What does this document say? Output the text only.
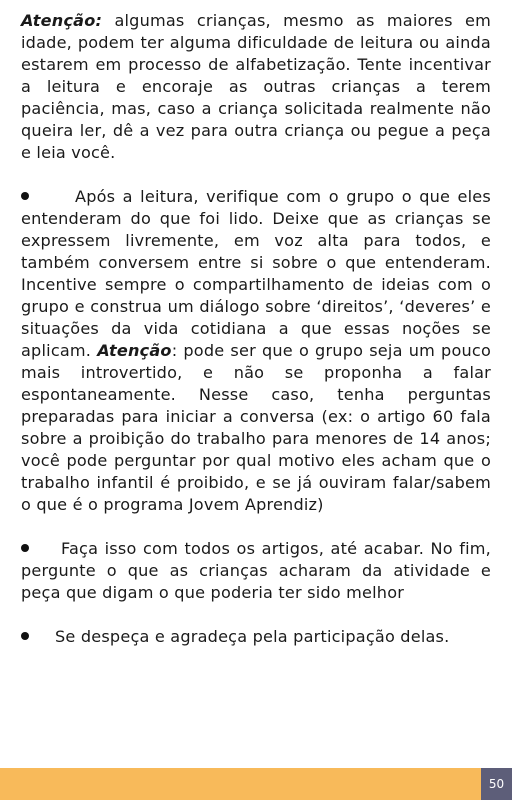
Atenção: algumas crianças, mesmo as maiores em idade, podem ter alguma dificuldade de leitura ou ainda estarem em processo de alfabetização. Tente incentivar a leitura e encoraje as outras crianças a terem paciência, mas, caso a criança solicitada realmente não queira ler, dê a vez para outra criança ou pegue a peça e leia você.

Após a leitura, verifique com o grupo o que eles entenderam do que foi lido. Deixe que as crianças se expressem livremente, em voz alta para todos, e também conversem entre si sobre o que entenderam. Incentive sempre o compartilhamento de ideias com o grupo e construa um diálogo sobre ‘direitos’, ‘deveres’ e situações da vida cotidiana a que essas noções se aplicam. Atenção: pode ser que o grupo seja um pouco mais introvertido, e não se proponha a falar espontaneamente. Nesse caso, tenha perguntas preparadas para iniciar a conversa (ex: o artigo 60 fala sobre a proibição do trabalho para menores de 14 anos; você pode perguntar por qual motivo eles acham que o trabalho infantil é proibido, e se já ouviram falar/sabem o que é o programa Jovem Aprendiz)

Faça isso com todos os artigos, até acabar. No fim, pergunte o que as crianças acharam da atividade e peça que digam o que poderia ter sido melhor

Se despeça e agradeça pela participação delas.

50
